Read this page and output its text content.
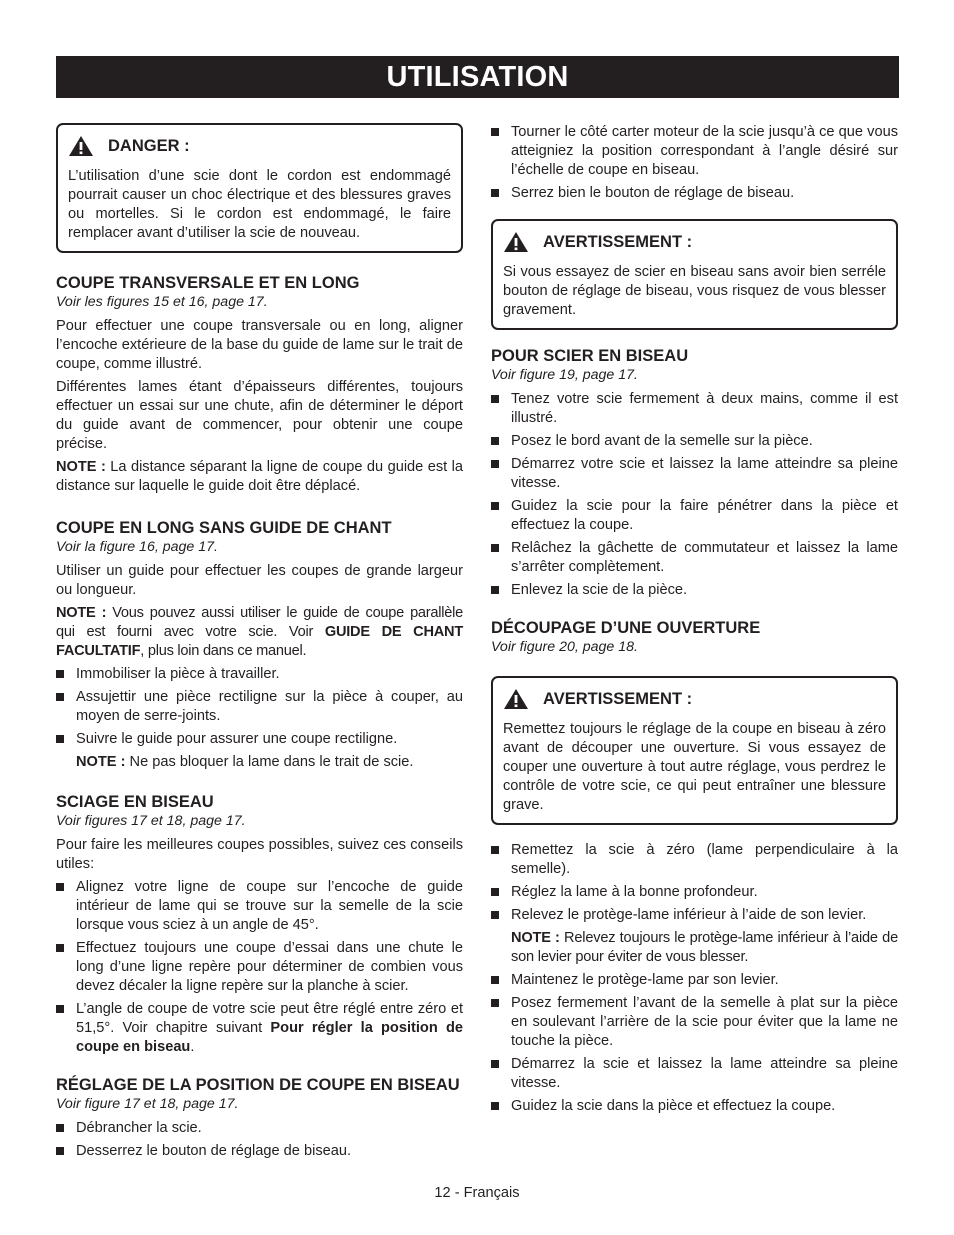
UTILISATION
DANGER :
L’utilisation d’une scie dont le cordon est endommagé pourrait causer un choc électrique et des blessures graves ou mortelles. Si le cordon est endommagé, le faire remplacer avant d’utiliser la scie de nouveau.
COUPE TRANSVERSALE ET EN LONG
Voir les figures 15 et 16, page 17.

Pour effectuer une coupe transversale ou en long, aligner l’encoche extérieure de la base du guide de lame sur le trait de coupe, comme illustré.

Différentes lames étant d’épaisseurs différentes, toujours effectuer un essai sur une chute, afin de déterminer le déport du guide avant de commencer, pour obtenir une coupe précise.

NOTE : La distance séparant la ligne de coupe du guide est la distance sur laquelle le guide doit être déplacé.

COUPE EN LONG SANS GUIDE DE CHANT
Voir la figure 16, page 17.

Utiliser un guide pour effectuer les coupes de grande largeur ou longueur.

NOTE : Vous pouvez aussi utiliser le guide de coupe parallèle qui est fourni avec votre scie. Voir GUIDE DE CHANT FACULTATIF, plus loin dans ce manuel.

Immobiliser la pièce à travailler.
Assujettir une pièce rectiligne sur la pièce à couper, au moyen de serre-joints.
Suivre le guide pour assurer une coupe rectiligne.
NOTE : Ne pas bloquer la lame dans le trait de scie.
SCIAGE EN BISEAU
Voir figures 17 et 18, page 17.

Pour faire les meilleures coupes possibles, suivez ces conseils utiles:

Alignez votre ligne de coupe sur l’encoche de guide intérieur de lame qui se trouve sur la semelle de la scie lorsque vous sciez à un angle de 45°.
Effectuez toujours une coupe d’essai dans une chute le long d’une ligne repère pour déterminer de combien vous devez décaler la ligne repère sur la planche à scier.
L’angle de coupe de votre scie peut être réglé entre zéro et 51,5°. Voir chapitre suivant Pour régler la position de coupe en biseau.
RÉGLAGE DE LA POSITION DE COUPE EN BISEAU
Voir figure 17 et 18, page 17.
Débrancher la scie.
Desserrez le bouton de réglage de biseau.
Tourner le côté carter moteur de la scie jusqu’à ce que vous atteigniez la position correspondant à l’angle désiré sur l’échelle de coupe en biseau.
Serrez bien le bouton de réglage de biseau.
AVERTISSEMENT :
Si vous essayez de scier en biseau sans avoir bien serréle bouton de réglage de biseau, vous risquez de vous blesser gravement.
POUR SCIER EN BISEAU
Voir figure 19, page 17.
Tenez votre scie fermement à deux mains, comme il est illustré.
Posez le bord avant de la semelle sur la pièce.
Démarrez votre scie et laissez la lame atteindre sa pleine vitesse.
Guidez la scie pour la faire pénétrer dans la pièce et effectuez la coupe.
Relâchez la gâchette de commutateur et laissez la lame s’arrêter complètement.
Enlevez la scie de la pièce.
DÉCOUPAGE D’UNE OUVERTURE
Voir figure 20, page 18.
AVERTISSEMENT :
Remettez toujours le réglage de la coupe en biseau à zéro avant de découper une ouverture. Si vous essayez de couper une ouverture à tout autre réglage, vous perdrez le contrôle de votre scie, ce qui peut entraîner une blessure grave.
Remettez la scie à zéro (lame perpendiculaire à la semelle).
Réglez la lame à la bonne profondeur.
Relevez le protège-lame inférieur à l’aide de son levier.
NOTE : Relevez toujours le protège-lame inférieur à l’aide de son levier pour éviter de vous blesser.
Maintenez le protège-lame par son levier.
Posez fermement l’avant de la semelle à plat sur la pièce en soulevant l’arrière de la scie pour éviter que la lame ne touche la pièce.
Démarrez la scie et laissez la lame atteindre sa pleine vitesse.
Guidez la scie dans la pièce et effectuez la coupe.
12 - Français
